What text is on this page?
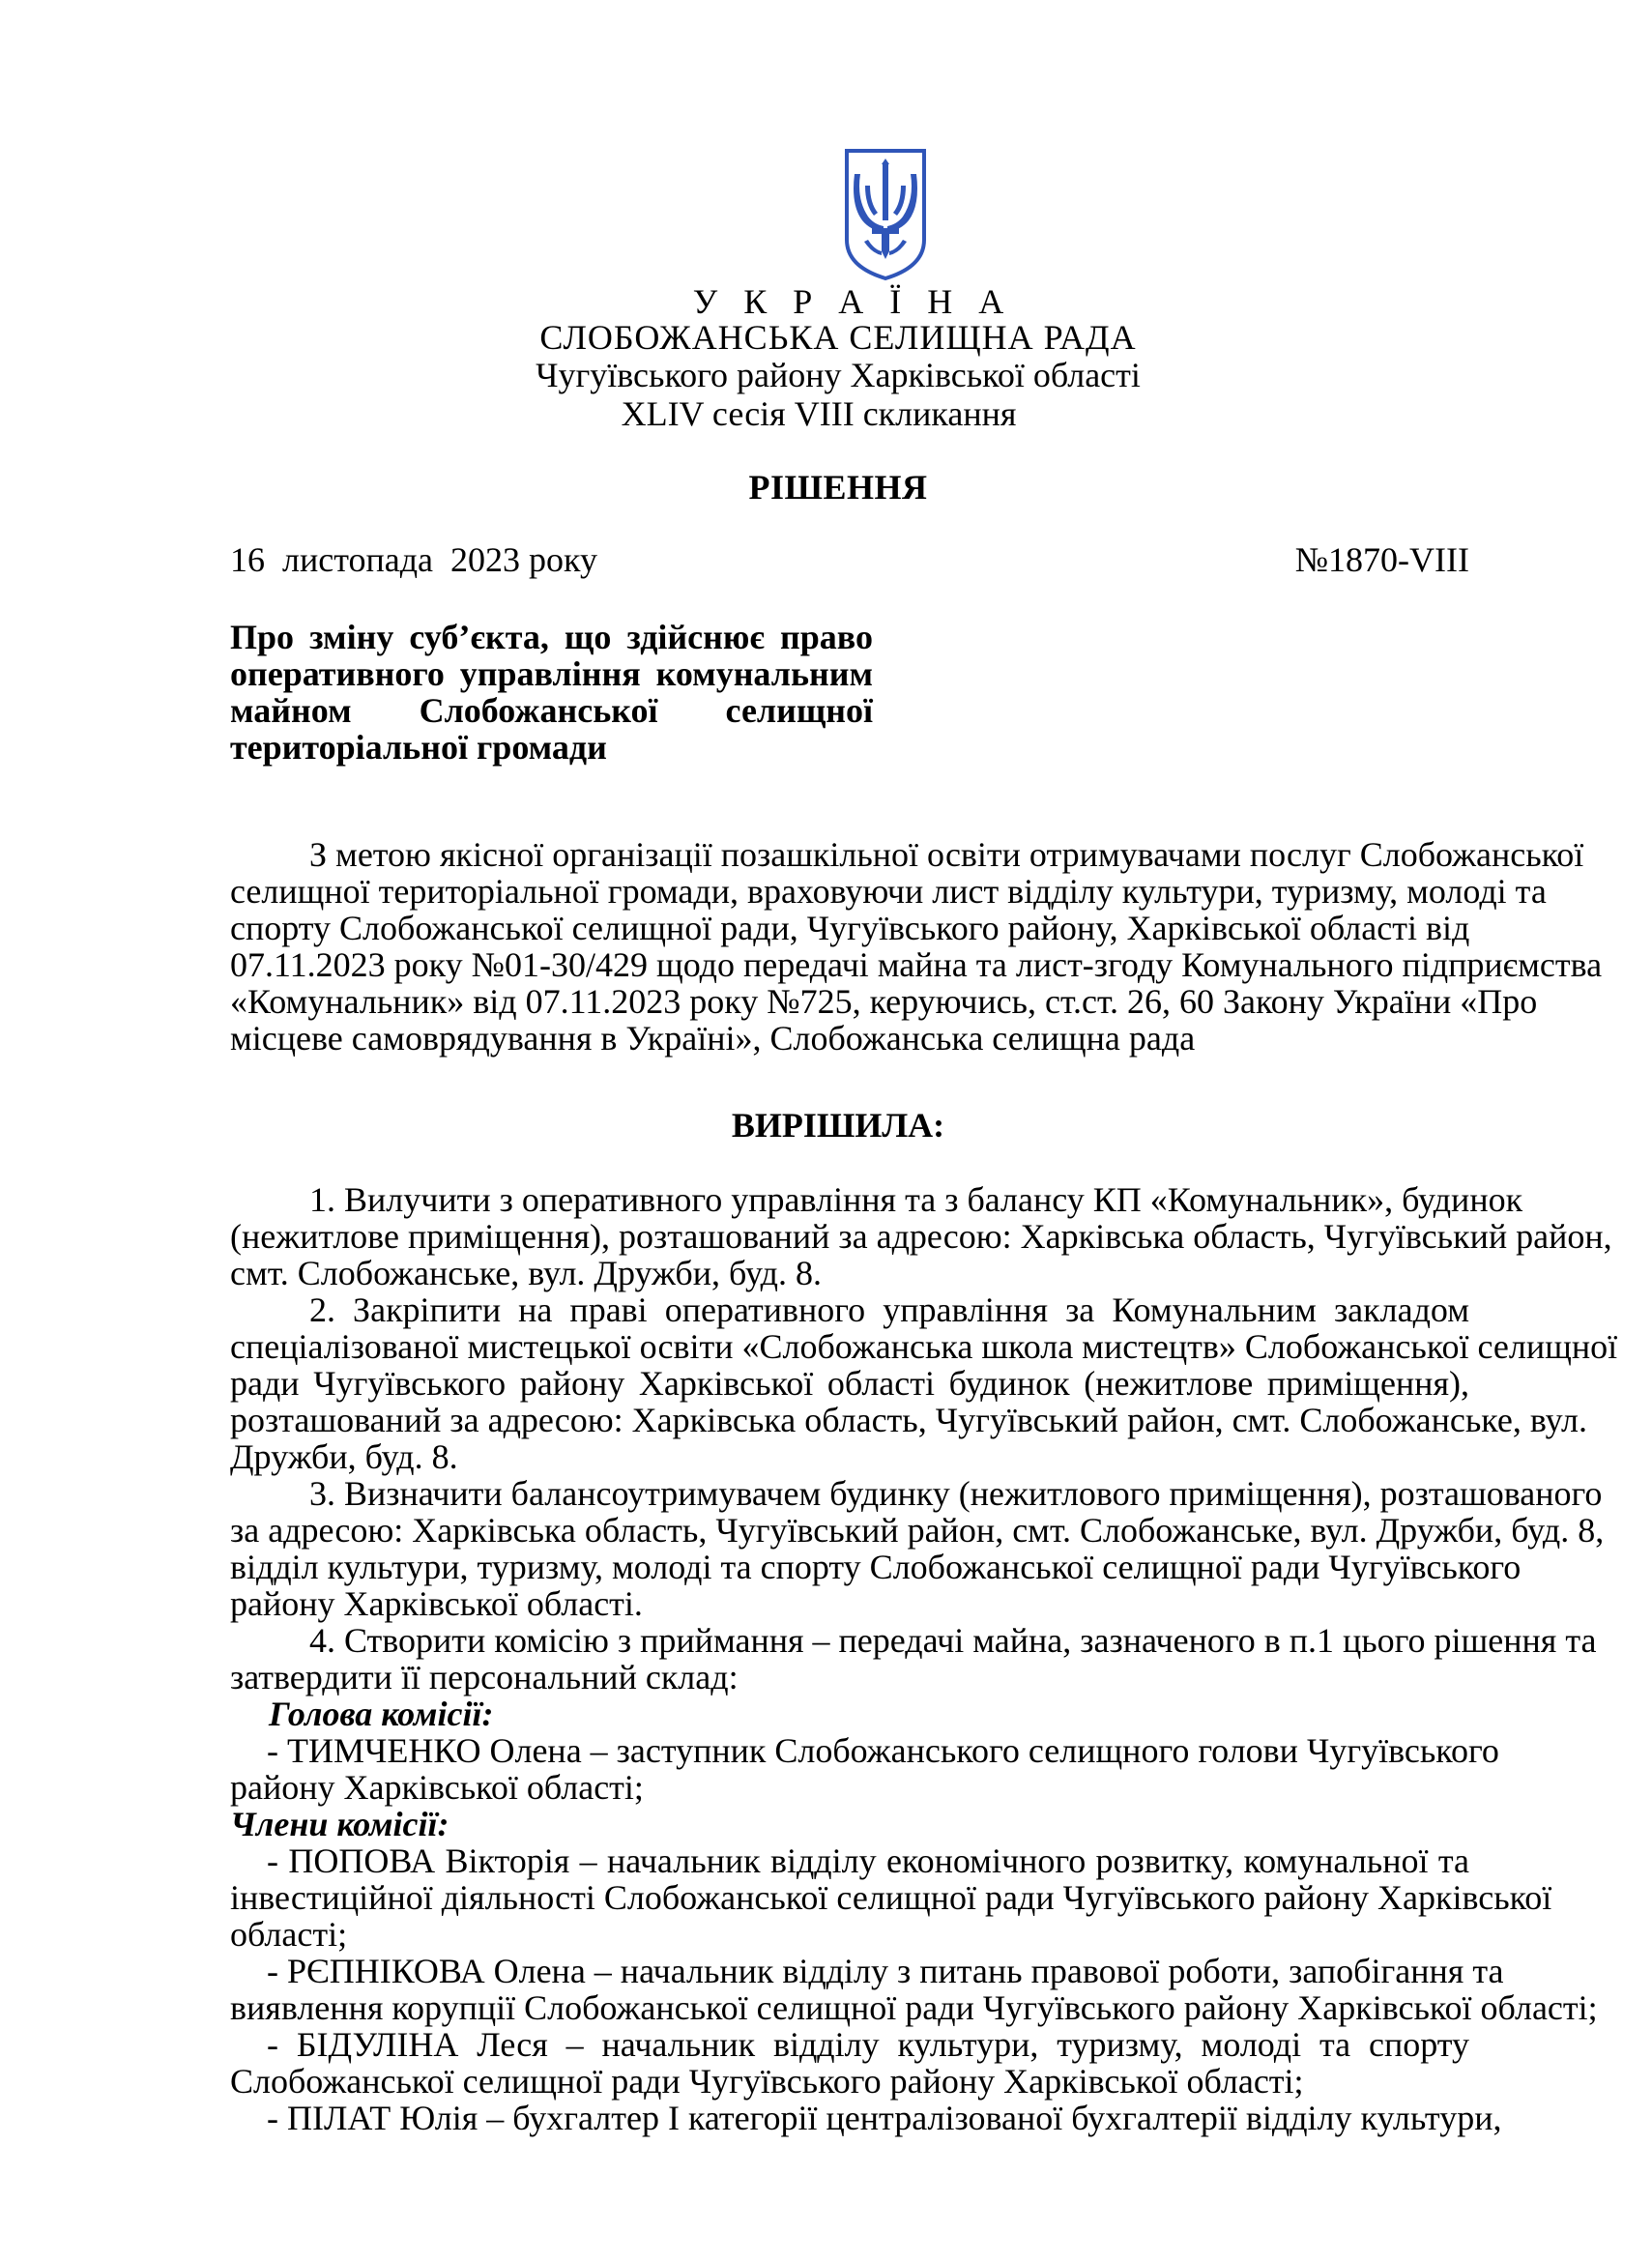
У К Р А Ї Н А
СЛОБОЖАНСЬКА СЕЛИЩНА РАДА
Чугуївського району Харківської області
XLIV сесія VIII скликання
РІШЕННЯ
16  листопада  2023 року	№1870-VIII
Про зміну суб’єкта, що здійснює право
оперативного управління комунальним
майном Слобожанської селищної
територіальної громади
З метою якісної організації позашкільної освіти отримувачами послуг Слобожанської
селищної територіальної громади, враховуючи лист відділу культури, туризму, молоді та
спорту Слобожанської селищної ради, Чугуївського району, Харківської області від
07.11.2023 року №01-30/429 щодо передачі майна та лист-згоду Комунального підприємства
«Комунальник» від 07.11.2023 року №725, керуючись, ст.ст. 26, 60 Закону України «Про
місцеве самоврядування в Україні», Слобожанська селищна рада
ВИРІШИЛА:
1. Вилучити з оперативного управління та з балансу КП «Комунальник», будинок
(нежитлове приміщення), розташований за адресою: Харківська область, Чугуївський район,
смт. Слобожанське, вул. Дружби, буд. 8.
2. Закріпити на праві оперативного управління за Комунальним закладом
спеціалізованої мистецької освіти «Слобожанська школа мистецтв» Слобожанської селищної
ради Чугуївського району Харківської області будинок (нежитлове приміщення),
розташований за адресою: Харківська область, Чугуївський район, смт. Слобожанське, вул.
Дружби, буд. 8.
3. Визначити балансоутримувачем будинку (нежитлового приміщення), розташованого
за адресою: Харківська область, Чугуївський район, смт. Слобожанське, вул. Дружби, буд. 8,
відділ культури, туризму, молоді та спорту Слобожанської селищної ради Чугуївського
району Харківської області.
4. Створити комісію з приймання – передачі майна, зазначеного в п.1 цього рішення та
затвердити її персональний склад:
Голова комісії:
- ТИМЧЕНКО Олена – заступник Слобожанського селищного голови Чугуївського
району Харківської області;
Члени комісії:
- ПОПОВА Вікторія – начальник відділу економічного розвитку, комунальної та
інвестиційної діяльності Слобожанської селищної ради Чугуївського району Харківської
області;
- РЄПНІКОВА Олена – начальник відділу з питань правової роботи, запобігання та
виявлення корупції Слобожанської селищної ради Чугуївського району Харківської області;
- БІДУЛІНА Леся – начальник відділу культури, туризму, молоді та спорту
Слобожанської селищної ради Чугуївського району Харківської області;
- ПІЛАТ Юлія – бухгалтер І категорії централізованої бухгалтерії відділу культури,
